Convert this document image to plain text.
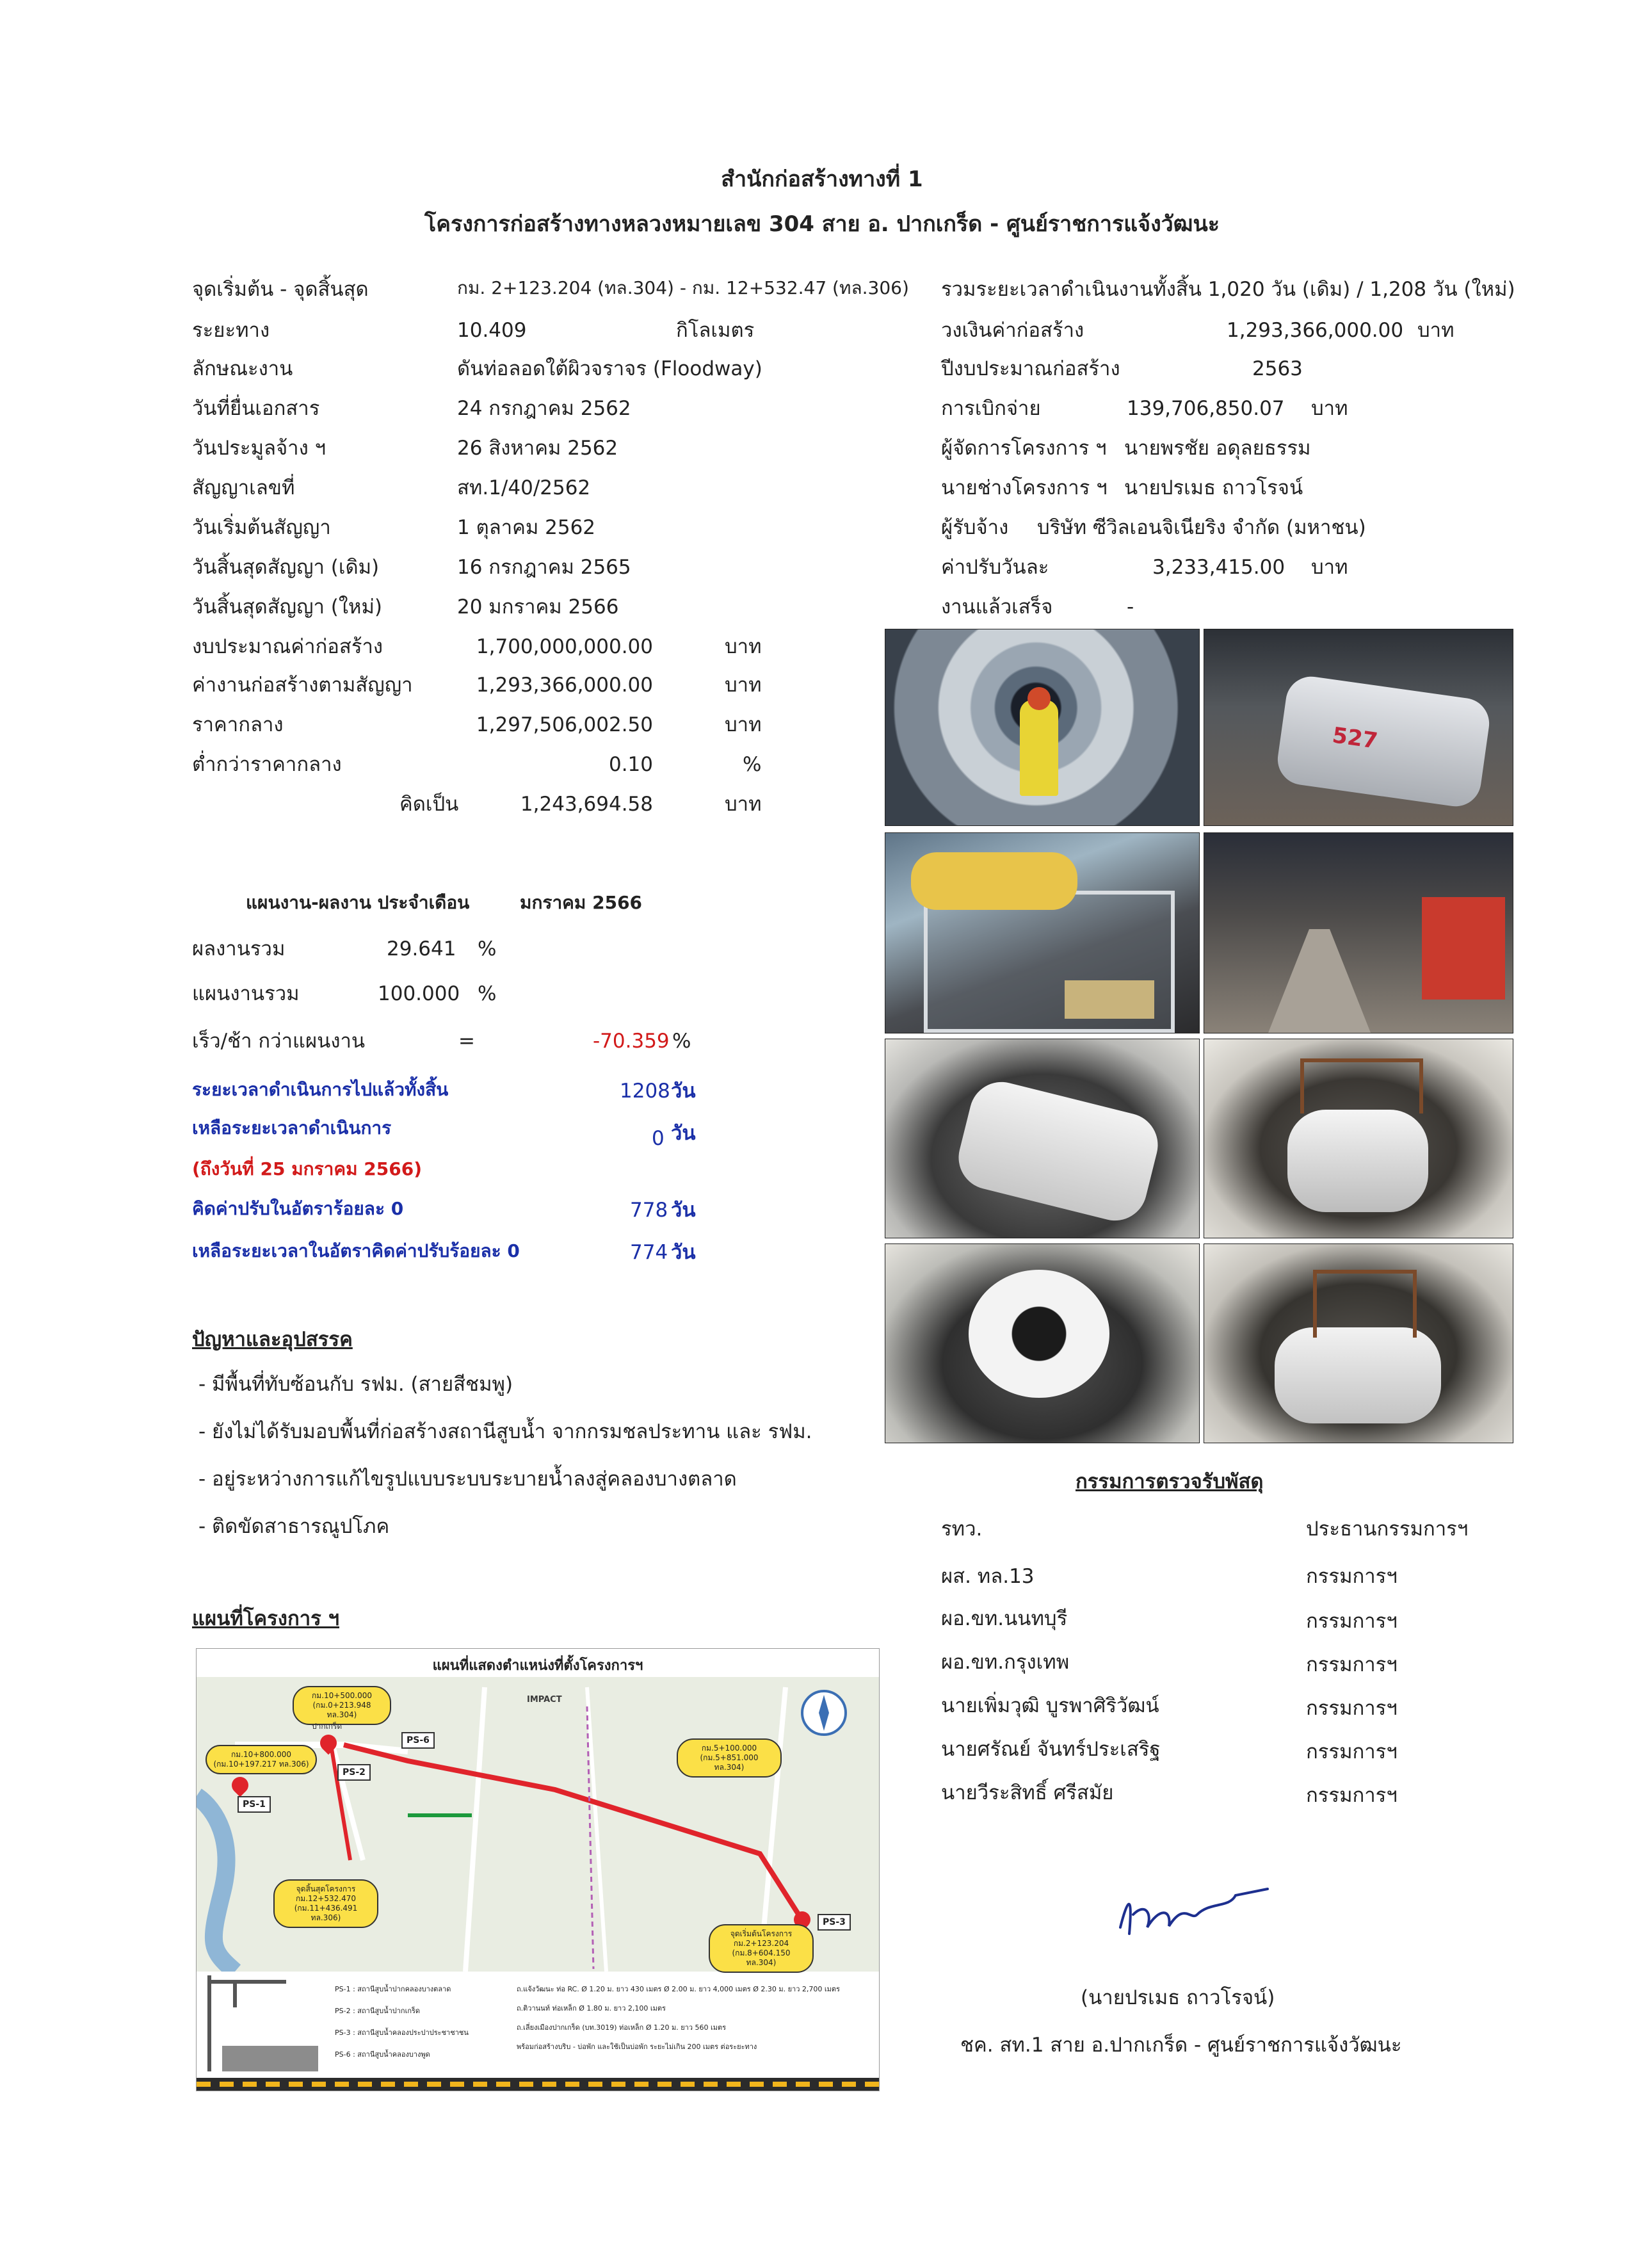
สำนักก่อสร้างทางที่ 1
โครงการก่อสร้างทางหลวงหมายเลข 304 สาย อ. ปากเกร็ด - ศูนย์ราชการแจ้งวัฒนะ
จุดเริ่มต้น - จุดสิ้นสุด	กม. 2+123.204 (ทล.304) - กม. 12+532.47 (ทล.306)
ระยะทาง	10.409	กิโลเมตร
ลักษณะงาน	ดันท่อลอดใต้ผิวจราจร (Floodway)
วันที่ยื่นเอกสาร	24 กรกฎาคม 2562
วันประมูลจ้าง ฯ	26 สิงหาคม 2562
สัญญาเลขที่	สท.1/40/2562
วันเริ่มต้นสัญญา	1 ตุลาคม 2562
วันสิ้นสุดสัญญา (เดิม)	16 กรกฎาคม 2565
วันสิ้นสุดสัญญา (ใหม่)	20 มกราคม 2566
งบประมาณค่าก่อสร้าง	1,700,000,000.00	บาท
ค่างานก่อสร้างตามสัญญา	1,293,366,000.00	บาท
ราคากลาง	1,297,506,002.50	บาท
ต่ำกว่าราคากลาง	0.10	%
คิดเป็น	1,243,694.58	บาท
รวมระยะเวลาดำเนินงานทั้งสิ้น 1,020 วัน (เดิม) / 1,208 วัน (ใหม่)
วงเงินค่าก่อสร้าง	1,293,366,000.00 บาท
ปีงบประมาณก่อสร้าง	2563
การเบิกจ่าย	139,706,850.07 บาท
ผู้จัดการโครงการ ฯ นายพรชัย อดุลยธรรม
นายช่างโครงการ ฯ นายปรเมธ ถาวโรจน์
ผู้รับจ้าง บริษัท ซีวิลเอนจิเนียริง จำกัด (มหาชน)
ค่าปรับวันละ	3,233,415.00 บาท
งานแล้วเสร็จ	-
527
แผนงาน-ผลงาน ประจำเดือน	มกราคม 2566
ผลงานรวม	29.641 %
แผนงานรวม	100.000 %
เร็ว/ช้า กว่าแผนงาน	=	-70.359 %
ระยะเวลาดำเนินการไปแล้วทั้งสิ้น	1208 วัน
เหลือระยะเวลาดำเนินการ	0 วัน
(ถึงวันที่ 25 มกราคม 2566)
คิดค่าปรับในอัตราร้อยละ 0	778 วัน
เหลือระยะเวลาในอัตราคิดค่าปรับร้อยละ 0	774 วัน
ปัญหาและอุปสรรค
- มีพื้นที่ทับซ้อนกับ รฟม. (สายสีชมพู)
- ยังไม่ได้รับมอบพื้นที่ก่อสร้างสถานีสูบน้ำ จากกรมชลประทาน และ รฟม.
- อยู่ระหว่างการแก้ไขรูปแบบระบบระบายน้ำลงสู่คลองบางตลาด
- ติดขัดสาธารณูปโภค
แผนที่โครงการ ฯ
แผนที่แสดงตำแหน่งที่ตั้งโครงการฯ
PS-1
PS-2
PS-3
PS-6
กม.10+500.000
(กม.0+213.948 ทล.304)
กม.10+800.000
(กม.10+197.217 ทล.306)
กม.5+100.000
(กม.5+851.000 ทล.304)
จุดสิ้นสุดโครงการ
กม.12+532.470
(กม.11+436.491 ทล.306)
จุดเริ่มต้นโครงการ
กม.2+123.204
(กม.8+604.150 ทล.304)
IMPACT
ปากเกร็ด
PS-1 : สถานีสูบน้ำปากคลองบางตลาด
PS-2 : สถานีสูบน้ำปากเกร็ด
PS-3 : สถานีสูบน้ำคลองประปาประชาชาชน
PS-6 : สถานีสูบน้ำคลองบางพูด
ถ.แจ้งวัฒนะ ท่อ RC. Ø 1.20 ม. ยาว 430 เมตร Ø 2.00 ม. ยาว 4,000 เมตร Ø 2.30 ม. ยาว 2,700 เมตร
ถ.ติวานนท์ ท่อเหล็ก Ø 1.80 ม. ยาว 2,100 เมตร
ถ.เลี่ยงเมืองปากเกร็ด (บท.3019) ท่อเหล็ก Ø 1.20 ม. ยาว 560 เมตร
พร้อมก่อสร้างบริบ - บ่อพัก และใช้เป็นบ่อพัก ระยะไม่เกิน 200 เมตร ต่อระยะทาง
กรรมการตรวจรับพัสดุ
รทว.	ประธานกรรมการฯ
ผส. ทล.13	กรรมการฯ
ผอ.ขท.นนทบุรี	กรรมการฯ
ผอ.ขท.กรุงเทพ	กรรมการฯ
นายเพิ่มวุฒิ บูรพาศิริวัฒน์	กรรมการฯ
นายศรัณย์ จันทร์ประเสริฐ	กรรมการฯ
นายวีระสิทธิ์ ศรีสมัย	กรรมการฯ
(นายปรเมธ ถาวโรจน์)
ชค. สท.1 สาย อ.ปากเกร็ด - ศูนย์ราชการแจ้งวัฒนะ
